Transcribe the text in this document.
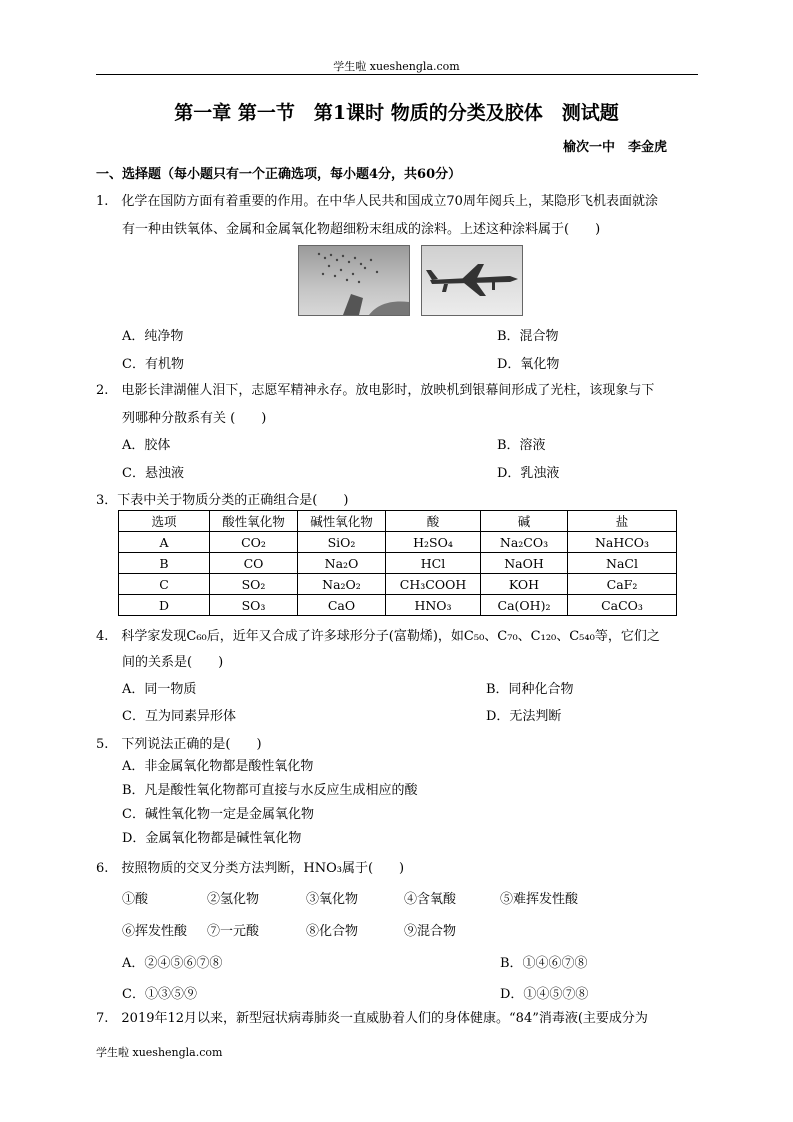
学生啦 xueshengla.com
第一章 第一节　第1课时 物质的分类及胶体　测试题
榆次一中　李金虎
一、选择题（每小题只有一个正确选项，每小题4分，共60分）
1.　化学在国防方面有着重要的作用。在中华人民共和国成立70周年阅兵上，某隐形飞机表面就涂
有一种由铁氧体、金属和金属氧化物超细粉末组成的涂料。上述这种涂料属于(　　)
A．纯净物	B．混合物
C．有机物	D．氧化物
2.　电影长津湖催人泪下，志愿军精神永存。放电影时，放映机到银幕间形成了光柱，该现象与下
列哪种分散系有关 (　　)
A．胶体	B．溶液
C．悬浊液	D．乳浊液
3．下表中关于物质分类的正确组合是(　　)
选项	酸性氧化物	碱性氧化物	酸	碱	盐
A	CO₂	SiO₂	H₂SO₄	Na₂CO₃	NaHCO₃
B	CO	Na₂O	HCl	NaOH	NaCl
C	SO₂	Na₂O₂	CH₃COOH	KOH	CaF₂
D	SO₃	CaO	HNO₃	Ca(OH)₂	CaCO₃
4.　科学家发现C₆₀后，近年又合成了许多球形分子(富勒烯)，如C₅₀、C₇₀、C₁₂₀、C₅₄₀等，它们之
间的关系是(　　)
A．同一物质	B．同种化合物
C．互为同素异形体	D．无法判断
5.　下列说法正确的是(　　)
A．非金属氧化物都是酸性氧化物
B．凡是酸性氧化物都可直接与水反应生成相应的酸
C．碱性氧化物一定是金属氧化物
D．金属氧化物都是碱性氧化物
6.　按照物质的交叉分类方法判断，HNO₃属于(　　)
①酸	②氢化物	③氧化物	④含氧酸	⑤难挥发性酸
⑥挥发性酸 ⑦一元酸	⑧化合物	⑨混合物
A．②④⑤⑥⑦⑧	B．①④⑥⑦⑧
C．①③⑤⑨	D．①④⑤⑦⑧
7.　2019年12月以来，新型冠状病毒肺炎一直威胁着人们的身体健康。“84”消毒液(主要成分为
学生啦 xueshengla.com
